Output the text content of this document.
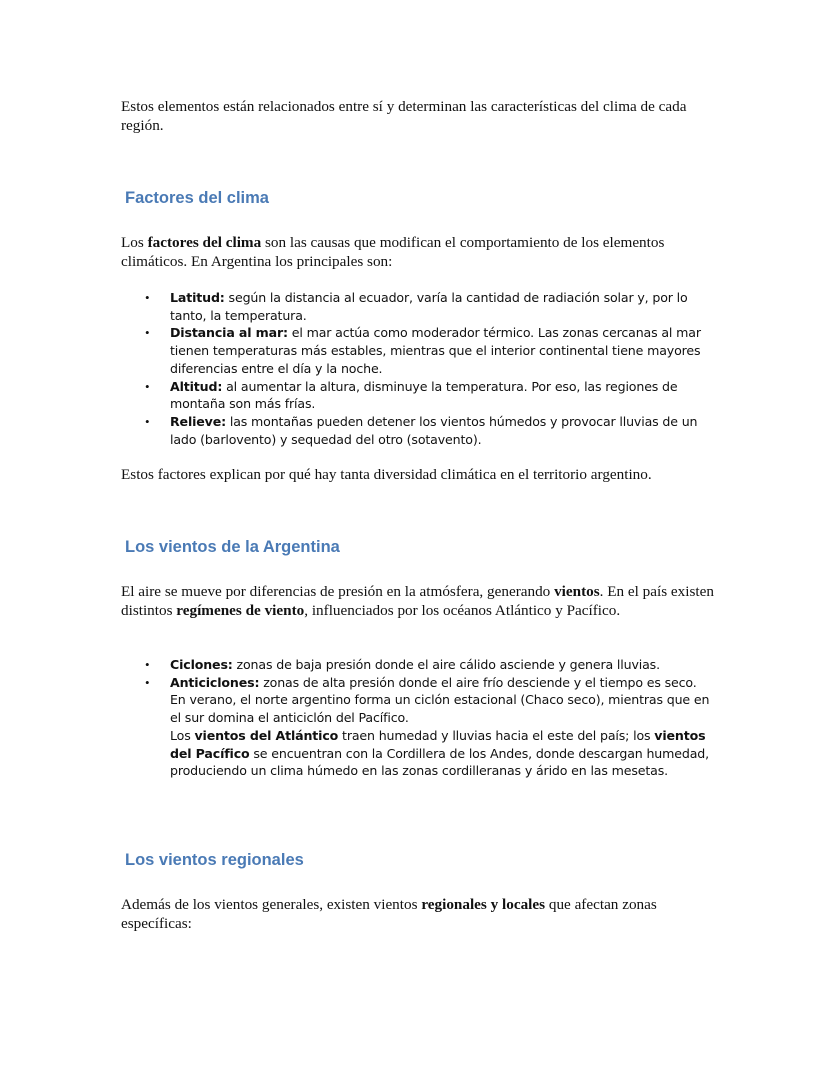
Estos elementos están relacionados entre sí y determinan las características del clima de cada región.

Factores del clima

Los factores del clima son las causas que modifican el comportamiento de los elementos climáticos. En Argentina los principales son:

• Latitud: según la distancia al ecuador, varía la cantidad de radiación solar y, por lo tanto, la temperatura.
• Distancia al mar: el mar actúa como moderador térmico. Las zonas cercanas al mar tienen temperaturas más estables, mientras que el interior continental tiene mayores diferencias entre el día y la noche.
• Altitud: al aumentar la altura, disminuye la temperatura. Por eso, las regiones de montaña son más frías.
• Relieve: las montañas pueden detener los vientos húmedos y provocar lluvias de un lado (barlovento) y sequedad del otro (sotavento).

Estos factores explican por qué hay tanta diversidad climática en el territorio argentino.

Los vientos de la Argentina

El aire se mueve por diferencias de presión en la atmósfera, generando vientos. En el país existen distintos regímenes de viento, influenciados por los océanos Atlántico y Pacífico.

• Ciclones: zonas de baja presión donde el aire cálido asciende y genera lluvias.
• Anticiclones: zonas de alta presión donde el aire frío desciende y el tiempo es seco.
En verano, el norte argentino forma un ciclón estacional (Chaco seco), mientras que en el sur domina el anticiclón del Pacífico.
Los vientos del Atlántico traen humedad y lluvias hacia el este del país; los vientos del Pacífico se encuentran con la Cordillera de los Andes, donde descargan humedad, produciendo un clima húmedo en las zonas cordilleranas y árido en las mesetas.
Los vientos regionales

Además de los vientos generales, existen vientos regionales y locales que afectan zonas específicas:
